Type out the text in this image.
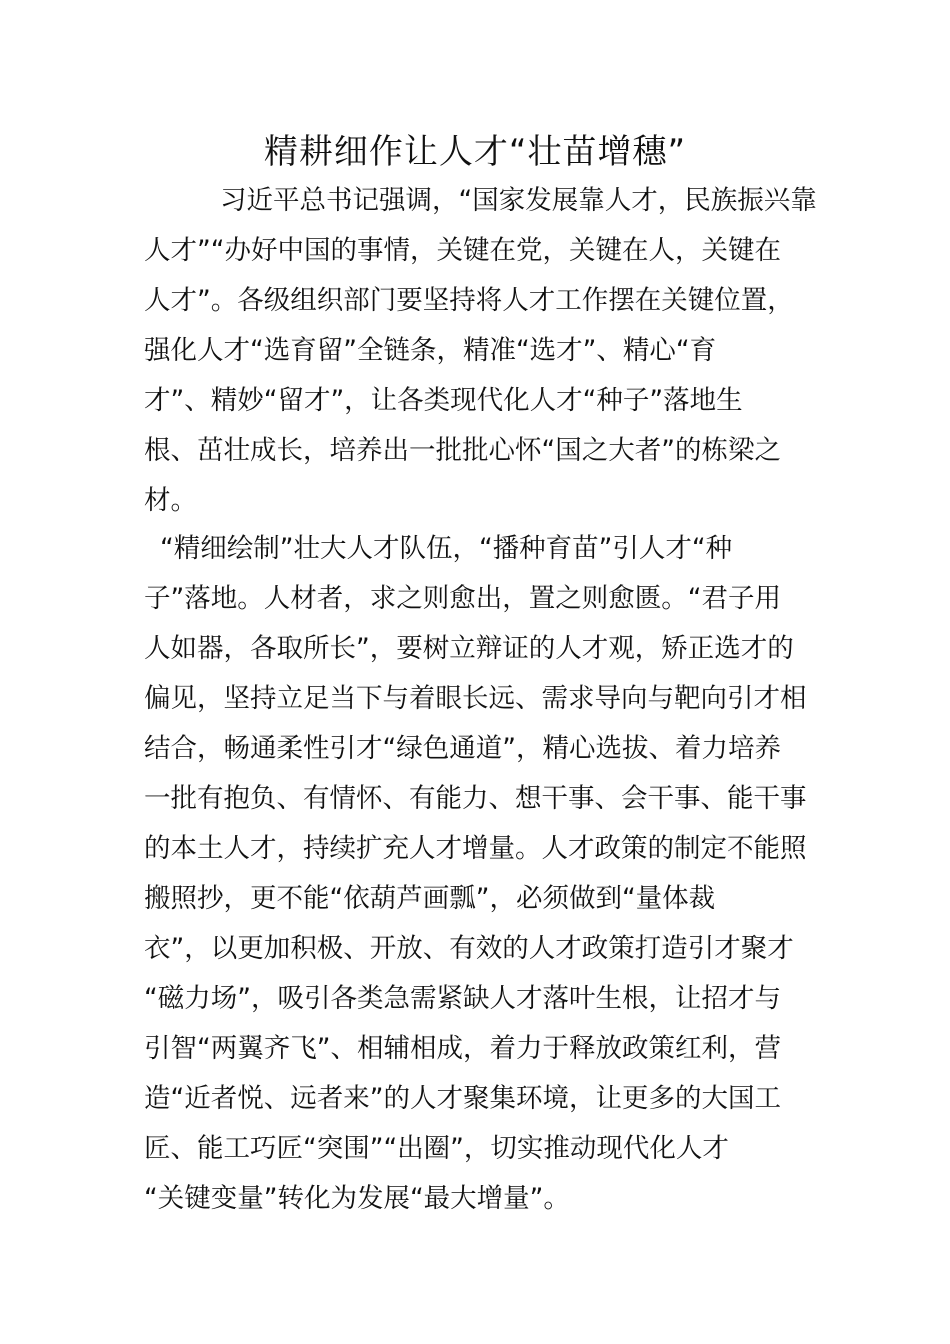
精耕细作让人才“壮苗增穗”
习近平总书记强调，“国家发展靠人才，民族振兴靠
人才”“办好中国的事情，关键在党，关键在人，关键在
人才”。各级组织部门要坚持将人才工作摆在关键位置，
强化人才“选育留”全链条，精准“选才”、精心“育
才”、精妙“留才”，让各类现代化人才“种子”落地生
根、茁壮成长，培养出一批批心怀“国之大者”的栋梁之
材。
“精细绘制”壮大人才队伍，“播种育苗”引人才“种
子”落地。人材者，求之则愈出，置之则愈匮。“君子用
人如器，各取所长”，要树立辩证的人才观，矫正选才的
偏见，坚持立足当下与着眼长远、需求导向与靶向引才相
结合，畅通柔性引才“绿色通道”，精心选拔、着力培养
一批有抱负、有情怀、有能力、想干事、会干事、能干事
的本土人才，持续扩充人才增量。人才政策的制定不能照
搬照抄，更不能“依葫芦画瓢”，必须做到“量体裁
衣”，以更加积极、开放、有效的人才政策打造引才聚才
“磁力场”，吸引各类急需紧缺人才落叶生根，让招才与
引智“两翼齐飞”、相辅相成，着力于释放政策红利，营
造“近者悦、远者来”的人才聚集环境，让更多的大国工
匠、能工巧匠“突围”“出圈”，切实推动现代化人才
“关键变量”转化为发展“最大增量”。
